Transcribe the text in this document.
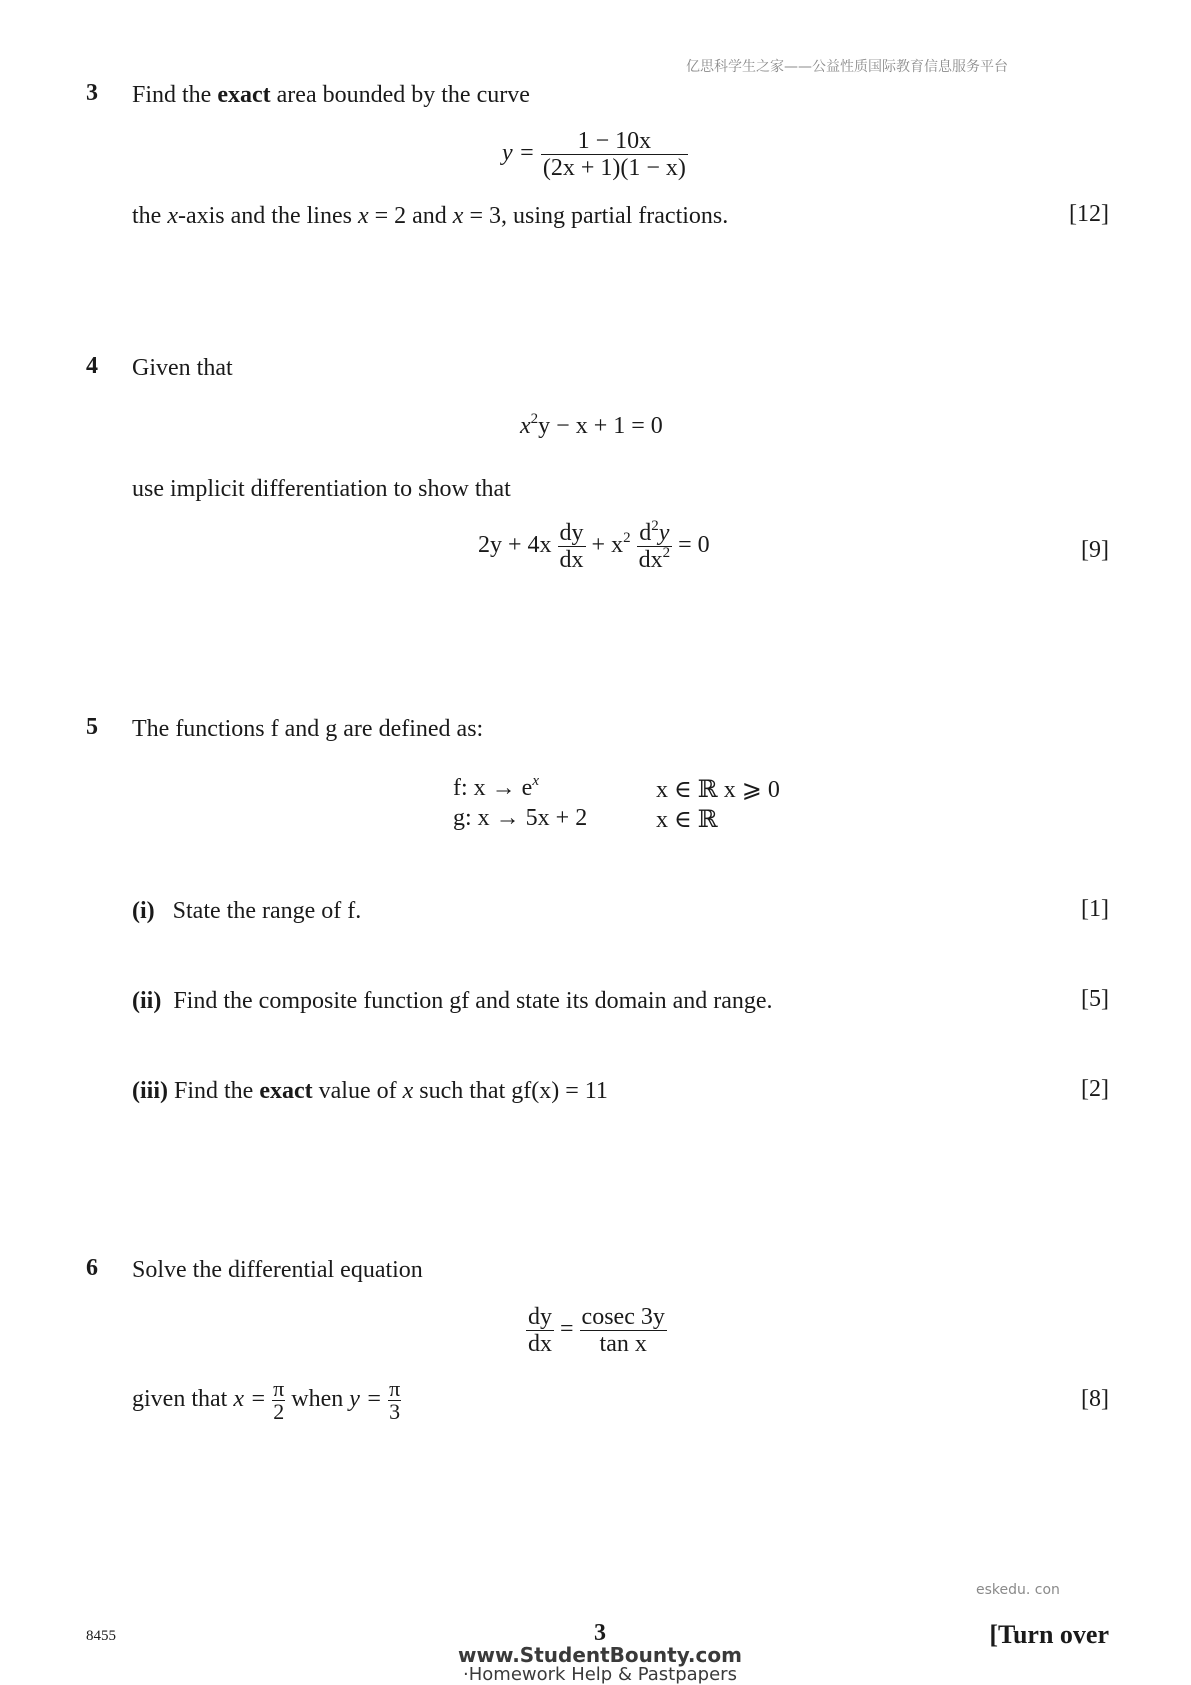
亿思科学生之家——公益性质国际教育信息服务平台
3 Find the exact area bounded by the curve
$y = \frac{1 - 10x}{(2x + 1)(1 - x)}$
the x-axis and the lines x = 2 and x = 3, using partial fractions.	[12]
4 Given that
$x^2y - x + 1 = 0$
use implicit differentiation to show that
$2y + 4x \frac{dy}{dx} + x^2 \frac{d^2y}{dx^2} = 0$	[9]
5 The functions f and g are defined as:
f: $x \to e^x$	x ∈ ℝ x ⩾ 0
g: x → 5x + 2	x ∈ ℝ
(i) State the range of f.	[1]
(ii) Find the composite function gf and state its domain and range.	[5]
(iii) Find the exact value of x such that gf(x) = 11	[2]
6 Solve the differential equation
$\frac{dy}{dx} = \frac{cosec 3y}{\text{tan x}}$
given that $x = \frac{\pi}{2}$ when $y = \frac{\pi}{3}$	[8]
eskedu. con
8455	3	[Turn over
www.StudentBounty.com
·Homework Help & Pastpapers
